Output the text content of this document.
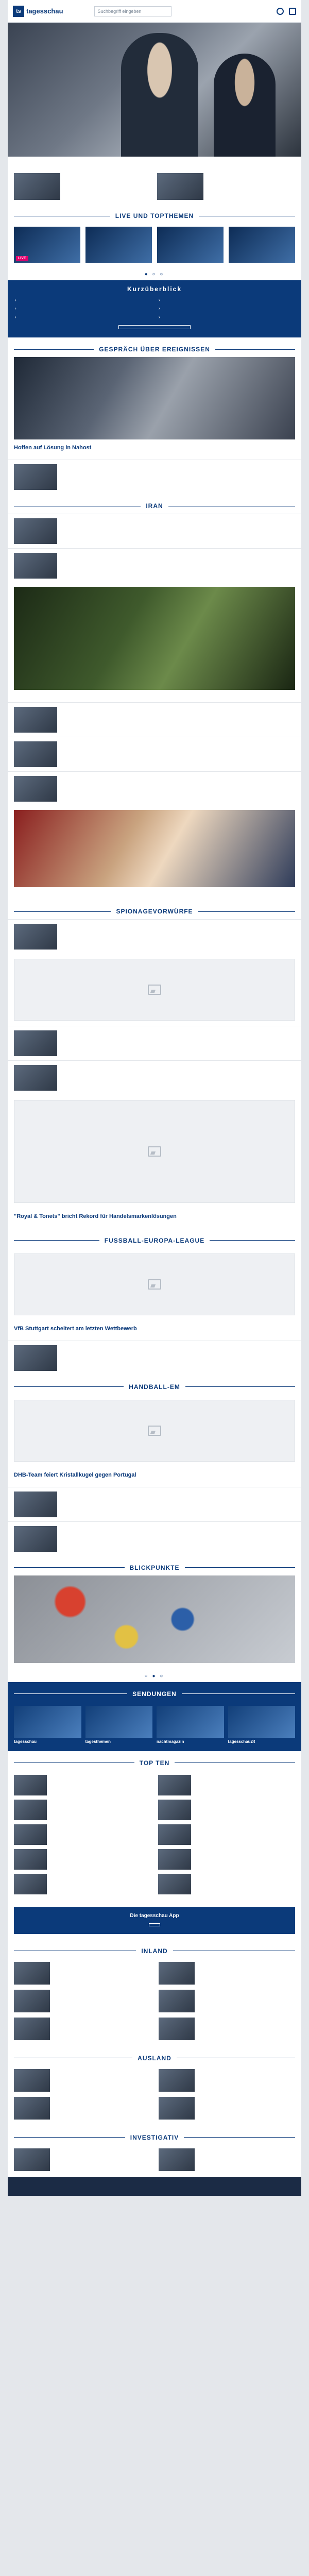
ts tagesschau	Suchbegriff eingeben
LIVE UND TOPTHEMEN
LIVE
● ○ ○
Kurzüberblick
›	›
›	›
›	›
GESPRÄCH ÜBER EREIGNISSEN
Hoffen auf Lösung in Nahost
IRAN
SPIONAGEVORWÜRFE
"Royal & Tonets" bricht Rekord für Handelsmarkenlösungen
FUSSBALL-EUROPA-LEAGUE
VfB Stuttgart scheitert am letzten Wettbewerb
HANDBALL-EM
DHB-Team feiert Kristallkugel gegen Portugal
BLICKPUNKTE
○ ● ○
SENDUNGEN
tagesschau	tagesthemen	nachtmagazin	tagesschau24
TOP TEN
Die tagesschau App
INLAND
AUSLAND
INVESTIGATIV
